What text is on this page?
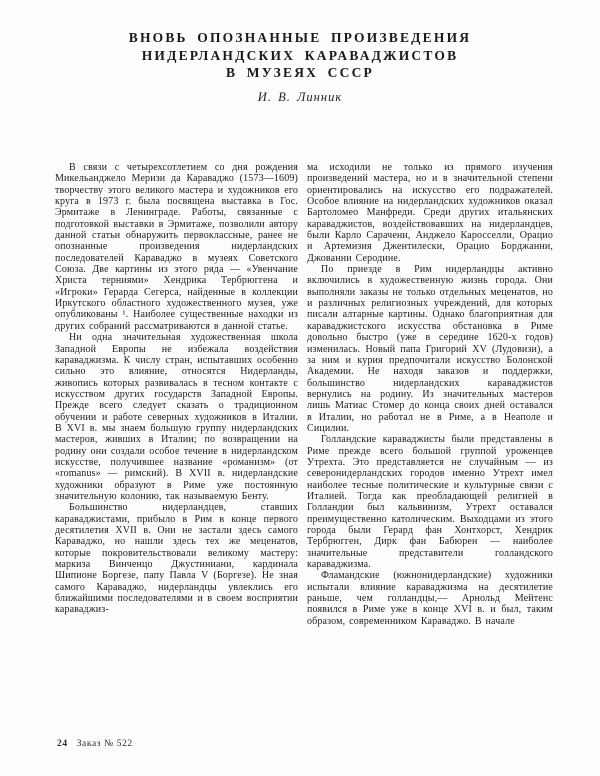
ВНОВЬ ОПОЗНАННЫЕ ПРОИЗВЕДЕНИЯ
НИДЕРЛАНДСКИХ КАРАВАДЖИСТОВ
В МУЗЕЯХ СССР
И. В. Линник

В связи с четырехсотлетием со дня рождения Микельанджело Меризи да Караваджо (1573—1609) творчеству этого великого мастера и художников его круга в 1973 г. была посвящена выставка в Гос. Эрмитаже в Ленинграде. Работы, связанные с подготовкой выставки в Эрмитаже, позволили автору данной статьи обнаружить первоклассные, ранее не опознанные произведения нидерландских последователей Караваджо в музеях Советского Союза. Две картины из этого ряда — «Увенчание Христа терниями» Хендрика Тербрюггена и «Игроки» Герарда Сегерса, найденные в коллекции Иркутского областного художественного музея, уже опубликованы ¹. Наиболее существенные находки из других собраний рассматриваются в данной статье.

Ни одна значительная художественная школа Западной Европы не избежала воздействия караваджизма. К числу стран, испытавших особенно сильно это влияние, относятся Нидерланды, живопись которых развивалась в тесном контакте с искусством других государств Западной Европы. Прежде всего следует сказать о традиционном обучении и работе северных художников в Италии. В XVI в. мы знаем большую группу нидерландских мастеров, живших в Италии; по возвращении на родину они создали особое течение в нидерландском искусстве, получившее название «романизм» (от «romanus» — римский). В XVII в. нидерландские художники образуют в Риме уже постоянную значительную колонию, так называемую Бенту.

Большинство нидерландцев, ставших караваджистами, прибыло в Рим в конце первого десятилетия XVII в. Они не застали здесь самого Караваджо, но нашли здесь тех же меценатов, которые покровительствовали великому мастеру: маркиза Винченцо Джустиниани, кардинала Шипионе Боргезе, папу Павла V (Боргезе). Не зная самого Караваджо, нидерландцы увлеклись его ближайшими последователями и в своем восприятии караваджиз-

ма исходили не только из прямого изучения произведений мастера, но и в значительной степени ориентировались на искусство его подражателей. Особое влияние на нидерландских художников оказал Бартоломео Манфреди. Среди других итальянских караваджистов, воздействовавших на нидерландцев, были Карло Сарачени, Анджело Каросселли, Орацио и Артемизия Джентилески, Орацио Борджанни, Джованни Серодине.

По приезде в Рим нидерландцы активно включились в художественную жизнь города. Они выполняли заказы не только отдельных меценатов, но и различных религиозных учреждений, для которых писали алтарные картины. Однако благоприятная для караваджистского искусства обстановка в Риме довольно быстро (уже в середине 1620-х годов) изменилась. Новый папа Григорий XV (Лудовизи), а за ним и курия предпочитали искусство Болонской Академии. Не находя заказов и поддержки, большинство нидерландских караваджистов вернулись на родину. Из значительных мастеров лишь Матиас Стомер до конца своих дней оставался в Италии, но работал не в Риме, а в Неаполе и Сицилии.

Голландские караваджисты были представлены в Риме прежде всего большой группой уроженцев Утрехта. Это представляется не случайным — из северонидерландских городов именно Утрехт имел наиболее тесные политические и культурные связи с Италией. Тогда как преобладающей религией в Голландии был кальвинизм, Утрехт оставался преимущественно католическим. Выходцами из этого города были Герард фан Хонтхорст, Хендрик Тербрюгген, Дирк фан Бабюрен — наиболее значительные представители голландского караваджизма.

Фламандские (южнонидерландские) художники испытали влияние караваджизма на десятилетие раньше, чем голландцы,— Арнольд Мейтенс появился в Риме уже в конце XVI в. и был, таким образом, современником Караваджо. В начале

24 Заказ № 522
